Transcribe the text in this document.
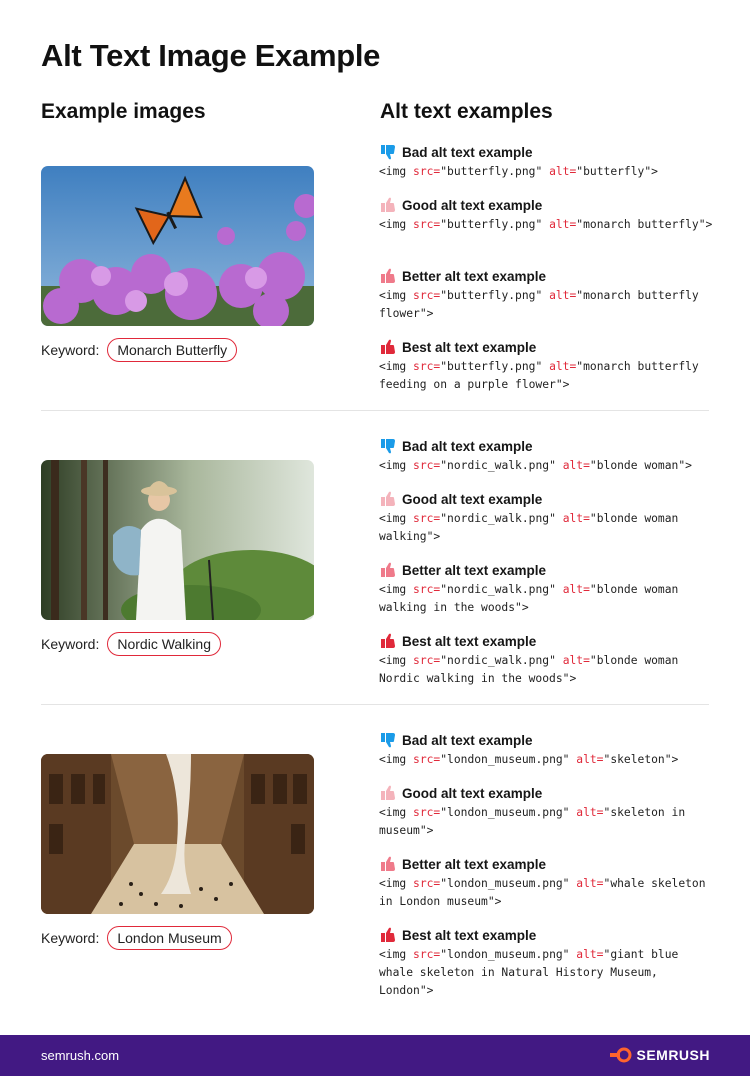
Alt Text Image Example
Example images	Alt text examples
Keyword:	Monarch Butterfly
Bad alt text example
<img src="butterfly.png" alt="butterfly">
Good alt text example
<img src="butterfly.png" alt="monarch butterfly">
Better alt text example
<img src="butterfly.png" alt="monarch butterfly flower">
Best alt text example
<img src="butterfly.png" alt="monarch butterfly feeding on a purple flower">
Keyword:	Nordic Walking
Bad alt text example
<img src="nordic_walk.png" alt="blonde woman">
Good alt text example
<img src="nordic_walk.png" alt="blonde woman walking">
Better alt text example
<img src="nordic_walk.png" alt="blonde woman walking in the woods">
Best alt text example
<img src="nordic_walk.png" alt="blonde woman Nordic walking in the woods">
Keyword:	London Museum
Bad alt text example
<img src="london_museum.png" alt="skeleton">
Good alt text example
<img src="london_museum.png" alt="skeleton in museum">
Better alt text example
<img src="london_museum.png" alt="whale skeleton in London museum">
Best alt text example
<img src="london_museum.png" alt="giant blue whale skeleton in Natural History Museum, London">
semrush.com	SEMRUSH
